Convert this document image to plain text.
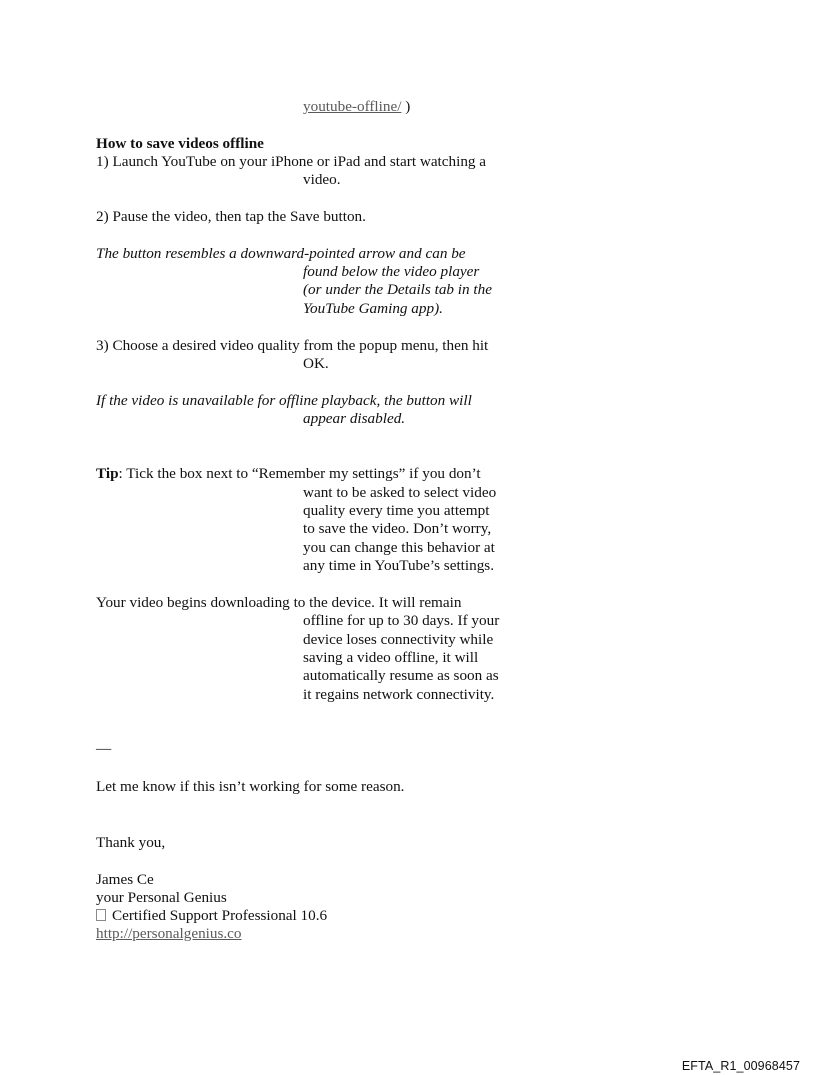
youtube-offline/ )
How to save videos offline
1) Launch YouTube on your iPhone or iPad and start watching a
video.
2) Pause the video, then tap the Save button.
The button resembles a downward-pointed arrow and can be
found below the video player
(or under the Details tab in the
YouTube Gaming app).
3) Choose a desired video quality from the popup menu, then hit
OK.
If the video is unavailable for offline playback, the button will
appear disabled.
Tip: Tick the box next to “Remember my settings” if you don’t
want to be asked to select video
quality every time you attempt
to save the video. Don’t worry,
you can change this behavior at
any time in YouTube’s settings.
Your video begins downloading to the device. It will remain
offline for up to 30 days. If your
device loses connectivity while
saving a video offline, it will
automatically resume as soon as
it regains network connectivity.
—
Let me know if this isn’t working for some reason.
Thank you,
James Ce
your Personal Genius
Certified Support Professional 10.6
http://personalgenius.co
EFTA_R1_00968457
